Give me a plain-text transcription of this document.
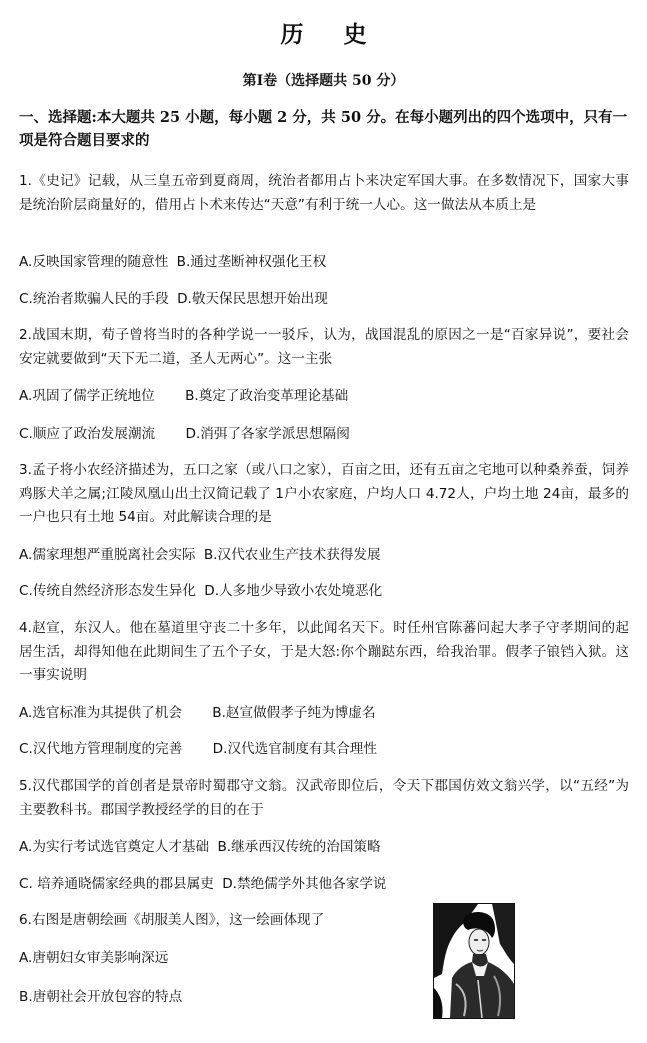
历 史
第Ⅰ卷（选择题共 50 分）
一、选择题:本大题共 25 小题，每小题 2 分，共 50 分。在每小题列出的四个选项中，只有一项是符合题目要求的
1.《史记》记载，从三皇五帝到夏商周，统治者都用占卜来决定军国大事。在多数情况下，国家大事是统治阶层商量好的，借用占卜术来传达“天意”有利于统一人心。这一做法从本质上是
A.反映国家管理的随意性 B.通过垄断神权强化王权
C.统治者欺骗人民的手段 D.敬天保民思想开始出现
2.战国末期，荀子曾将当时的各种学说一一驳斥，认为，战国混乱的原因之一是“百家异说”，要社会安定就要做到“天下无二道，圣人无两心”。这一主张
A.巩固了儒学正统地位 B.奠定了政治变革理论基础
C.顺应了政治发展潮流 D.消弭了各家学派思想隔阂
3.孟子将小农经济描述为，五口之家（或八口之家），百亩之田，还有五亩之宅地可以种桑养蚕，饲养鸡豚犬羊之属;江陵凤凰山出土汉简记载了 1户小农家庭，户均人口 4.72人，户均土地 24亩，最多的一户也只有土地 54亩。对此解读合理的是
A.儒家理想严重脱离社会实际 B.汉代农业生产技术获得发展
C.传统自然经济形态发生异化 D.人多地少导致小农处境恶化
4.赵宣，东汉人。他在墓道里守丧二十多年，以此闻名天下。时任州官陈蕃问起大孝子守孝期间的起居生活，却得知他在此期间生了五个子女，于是大怒:你个蹦跶东西，给我治罪。假孝子锒铛入狱。这一事实说明
A.选官标准为其提供了机会 B.赵宣做假孝子纯为博虚名
C.汉代地方管理制度的完善 D.汉代选官制度有其合理性
5.汉代郡国学的首创者是景帝时蜀郡守文翁。汉武帝即位后，令天下郡国仿效文翁兴学，以“五经”为主要教科书。郡国学教授经学的目的在于
A.为实行考试选官奠定人才基础 B.继承西汉传统的治国策略
C. 培养通晓儒家经典的郡县属吏 D.禁绝儒学外其他各家学说
6.右图是唐朝绘画《胡服美人图》，这一绘画体现了
A.唐朝妇女审美影响深远
B.唐朝社会开放包容的特点
